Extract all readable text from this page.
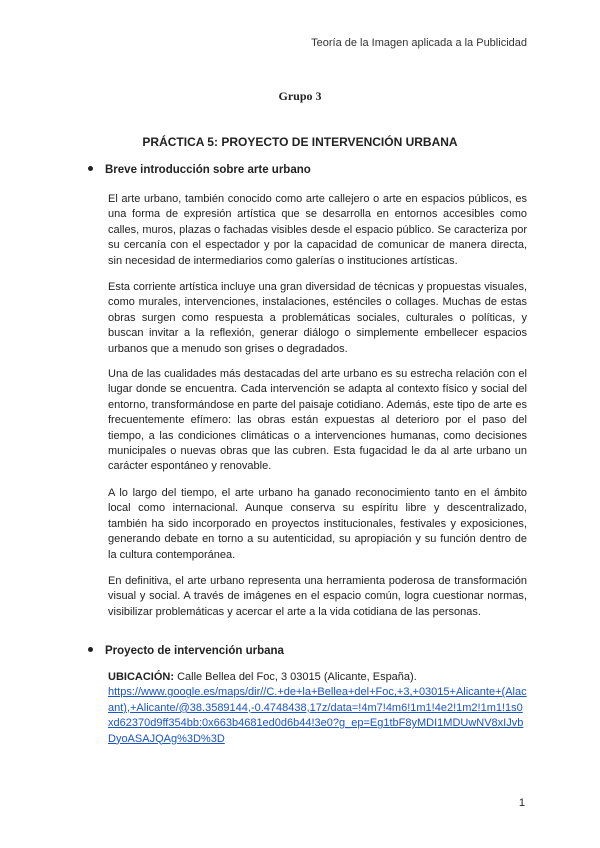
Teoría de la Imagen aplicada a la Publicidad
Grupo 3
PRÁCTICA 5: PROYECTO DE INTERVENCIÓN URBANA
Breve introducción sobre arte urbano

El arte urbano, también conocido como arte callejero o arte en espacios públicos, es una forma de expresión artística que se desarrolla en entornos accesibles como calles, muros, plazas o fachadas visibles desde el espacio público. Se caracteriza por su cercanía con el espectador y por la capacidad de comunicar de manera directa, sin necesidad de intermediarios como galerías o instituciones artísticas.

Esta corriente artística incluye una gran diversidad de técnicas y propuestas visuales, como murales, intervenciones, instalaciones, esténciles o collages. Muchas de estas obras surgen como respuesta a problemáticas sociales, culturales o políticas, y buscan invitar a la reflexión, generar diálogo o simplemente embellecer espacios urbanos que a menudo son grises o degradados.

Una de las cualidades más destacadas del arte urbano es su estrecha relación con el lugar donde se encuentra. Cada intervención se adapta al contexto físico y social del entorno, transformándose en parte del paisaje cotidiano. Además, este tipo de arte es frecuentemente efímero: las obras están expuestas al deterioro por el paso del tiempo, a las condiciones climáticas o a intervenciones humanas, como decisiones municipales o nuevas obras que las cubren. Esta fugacidad le da al arte urbano un carácter espontáneo y renovable.

A lo largo del tiempo, el arte urbano ha ganado reconocimiento tanto en el ámbito local como internacional. Aunque conserva su espíritu libre y descentralizado, también ha sido incorporado en proyectos institucionales, festivales y exposiciones, generando debate en torno a su autenticidad, su apropiación y su función dentro de la cultura contemporánea.

En definitiva, el arte urbano representa una herramienta poderosa de transformación visual y social. A través de imágenes en el espacio común, logra cuestionar normas, visibilizar problemáticas y acercar el arte a la vida cotidiana de las personas.

Proyecto de intervención urbana

UBICACIÓN: Calle Bellea del Foc, 3 03015 (Alicante, España).
https://www.google.es/maps/dir//C.+de+la+Bellea+del+Foc,+3,+03015+Alicante+(Alacant),+Alicante/@38.3589144,-0.4748438,17z/data=!4m7!4m6!1m1!4e2!1m2!1m1!1s0xd62370d9ff354bb:0x663b4681ed0d6b44!3e0?g_ep=Eg1tbF8yMDI1MDUwNV8xIJvbDyoASAJQAg%3D%3D

1
